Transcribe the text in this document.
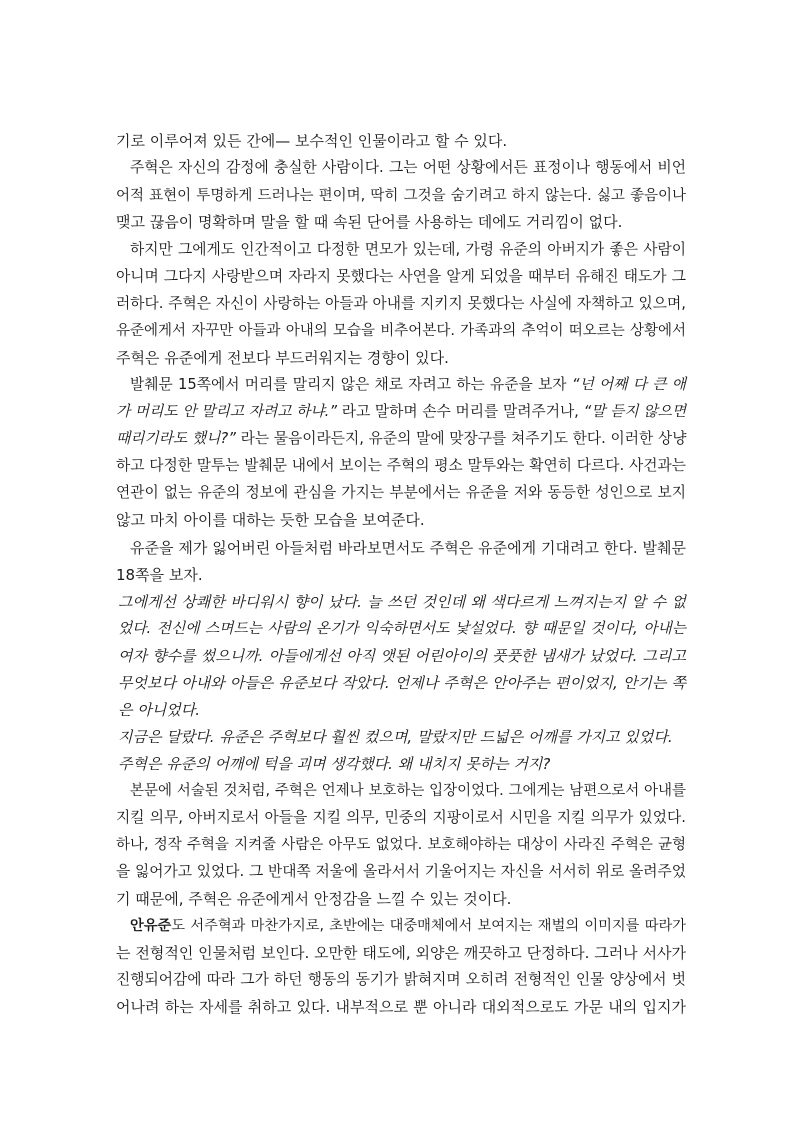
기로 이루어져 있든 간에— 보수적인 인물이라고 할 수 있다.
주혁은 자신의 감정에 충실한 사람이다. 그는 어떤 상황에서든 표정이나 행동에서 비언
어적 표현이 투명하게 드러나는 편이며, 딱히 그것을 숨기려고 하지 않는다. 싫고 좋음이나
맺고 끊음이 명확하며 말을 할 때 속된 단어를 사용하는 데에도 거리낌이 없다.
하지만 그에게도 인간적이고 다정한 면모가 있는데, 가령 유준의 아버지가 좋은 사람이
아니며 그다지 사랑받으며 자라지 못했다는 사연을 알게 되었을 때부터 유해진 태도가 그
러하다. 주혁은 자신이 사랑하는 아들과 아내를 지키지 못했다는 사실에 자책하고 있으며,
유준에게서 자꾸만 아들과 아내의 모습을 비추어본다. 가족과의 추억이 떠오르는 상황에서
주혁은 유준에게 전보다 부드러워지는 경향이 있다.
발췌문 15쪽에서 머리를 말리지 않은 채로 자려고 하는 유준을 보자 “넌 어째 다 큰 애
가 머리도 안 말리고 자려고 하냐.” 라고 말하며 손수 머리를 말려주거나, “말 듣지 않으면
때리기라도 했니?” 라는 물음이라든지, 유준의 말에 맞장구를 쳐주기도 한다. 이러한 상냥
하고 다정한 말투는 발췌문 내에서 보이는 주혁의 평소 말투와는 확연히 다르다. 사건과는
연관이 없는 유준의 정보에 관심을 가지는 부분에서는 유준을 저와 동등한 성인으로 보지
않고 마치 아이를 대하는 듯한 모습을 보여준다.
유준을 제가 잃어버린 아들처럼 바라보면서도 주혁은 유준에게 기대려고 한다. 발췌문
18쪽을 보자.
그에게선 상쾌한 바디워시 향이 났다. 늘 쓰던 것인데 왜 색다르게 느껴지는지 알 수 없
었다. 전신에 스며드는 사람의 온기가 익숙하면서도 낯설었다. 향 때문일 것이다, 아내는
여자 향수를 썼으니까. 아들에게선 아직 앳된 어린아이의 풋풋한 냄새가 났었다. 그리고
무엇보다 아내와 아들은 유준보다 작았다. 언제나 주혁은 안아주는 편이었지, 안기는 쪽
은 아니었다.
지금은 달랐다. 유준은 주혁보다 훨씬 컸으며, 말랐지만 드넓은 어깨를 가지고 있었다.
주혁은 유준의 어깨에 턱을 괴며 생각했다. 왜 내치지 못하는 거지?
본문에 서술된 것처럼, 주혁은 언제나 보호하는 입장이었다. 그에게는 남편으로서 아내를
지킬 의무, 아버지로서 아들을 지킬 의무, 민중의 지팡이로서 시민을 지킬 의무가 있었다.
하나, 정작 주혁을 지켜줄 사람은 아무도 없었다. 보호해야하는 대상이 사라진 주혁은 균형
을 잃어가고 있었다. 그 반대쪽 저울에 올라서서 기울어지는 자신을 서서히 위로 올려주었
기 때문에, 주혁은 유준에게서 안정감을 느낄 수 있는 것이다.
안유준도 서주혁과 마찬가지로, 초반에는 대중매체에서 보여지는 재벌의 이미지를 따라가
는 전형적인 인물처럼 보인다. 오만한 태도에, 외양은 깨끗하고 단정하다. 그러나 서사가
진행되어감에 따라 그가 하던 행동의 동기가 밝혀지며 오히려 전형적인 인물 양상에서 벗
어나려 하는 자세를 취하고 있다. 내부적으로 뿐 아니라 대외적으로도 가문 내의 입지가
